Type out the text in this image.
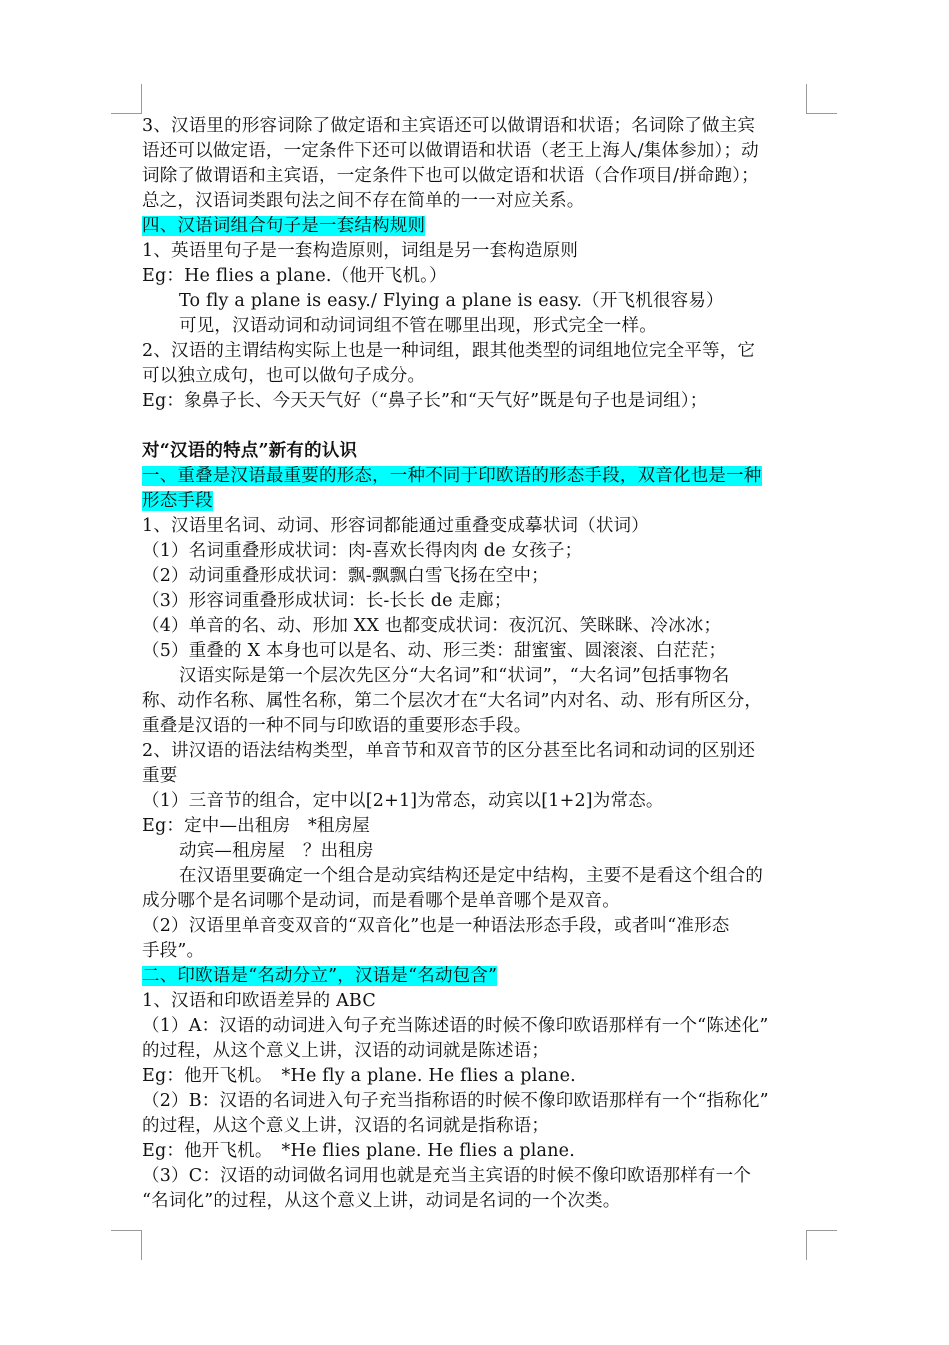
3、汉语里的形容词除了做定语和主宾语还可以做谓语和状语；名词除了做主宾
语还可以做定语，一定条件下还可以做谓语和状语（老王上海人/集体参加）；动
词除了做谓语和主宾语，一定条件下也可以做定语和状语（合作项目/拼命跑）；
总之，汉语词类跟句法之间不存在简单的一一对应关系。
四、汉语词组合句子是一套结构规则
1、英语里句子是一套构造原则，词组是另一套构造原则
Eg：He flies a plane.（他开飞机。）
To fly a plane is easy./ Flying a plane is easy.（开飞机很容易）
可见，汉语动词和动词词组不管在哪里出现，形式完全一样。
2、汉语的主谓结构实际上也是一种词组，跟其他类型的词组地位完全平等，它
可以独立成句，也可以做句子成分。
Eg：象鼻子长、今天天气好（“鼻子长”和“天气好”既是句子也是词组）；
对“汉语的特点”新有的认识
一、重叠是汉语最重要的形态，一种不同于印欧语的形态手段，双音化也是一种
形态手段
1、汉语里名词、动词、形容词都能通过重叠变成摹状词（状词）
（1）名词重叠形成状词：肉-喜欢长得肉肉 de 女孩子；
（2）动词重叠形成状词：飘-飘飘白雪飞扬在空中；
（3）形容词重叠形成状词：长-长长 de 走廊；
（4）单音的名、动、形加 XX 也都变成状词：夜沉沉、笑眯眯、冷冰冰；
（5）重叠的 X 本身也可以是名、动、形三类：甜蜜蜜、圆滚滚、白茫茫；
汉语实际是第一个层次先区分“大名词”和“状词”，“大名词”包括事物名
称、动作名称、属性名称，第二个层次才在“大名词”内对名、动、形有所区分，
重叠是汉语的一种不同与印欧语的重要形态手段。
2、讲汉语的语法结构类型，单音节和双音节的区分甚至比名词和动词的区别还
重要
（1）三音节的组合，定中以[2+1]为常态，动宾以[1+2]为常态。
Eg：定中—出租房　*租房屋
动宾—租房屋　？出租房
在汉语里要确定一个组合是动宾结构还是定中结构，主要不是看这个组合的
成分哪个是名词哪个是动词，而是看哪个是单音哪个是双音。
（2）汉语里单音变双音的“双音化”也是一种语法形态手段，或者叫“准形态
手段”。
二、印欧语是“名动分立”，汉语是“名动包含”
1、汉语和印欧语差异的 ABC
（1）A：汉语的动词进入句子充当陈述语的时候不像印欧语那样有一个“陈述化”
的过程，从这个意义上讲，汉语的动词就是陈述语；
Eg：他开飞机。　*He fly a plane. He flies a plane.
（2）B：汉语的名词进入句子充当指称语的时候不像印欧语那样有一个“指称化”
的过程，从这个意义上讲，汉语的名词就是指称语；
Eg：他开飞机。　*He flies plane. He flies a plane.
（3）C：汉语的动词做名词用也就是充当主宾语的时候不像印欧语那样有一个
“名词化”的过程，从这个意义上讲，动词是名词的一个次类。
